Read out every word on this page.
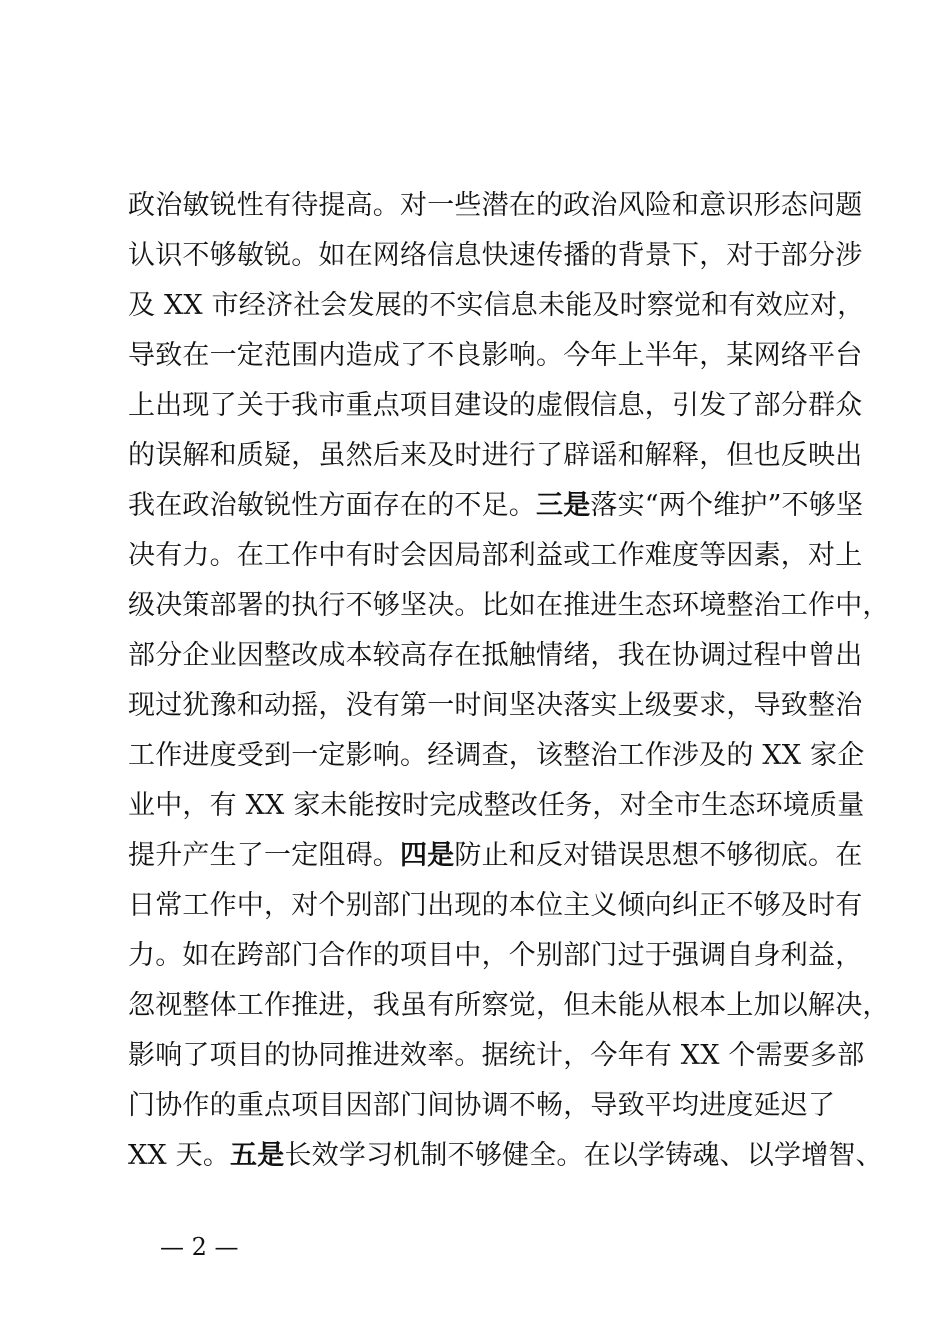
政治敏锐性有待提高。对一些潜在的政治风险和意识形态问题
认识不够敏锐。如在网络信息快速传播的背景下，对于部分涉
及 XX 市经济社会发展的不实信息未能及时察觉和有效应对，
导致在一定范围内造成了不良影响。今年上半年，某网络平台
上出现了关于我市重点项目建设的虚假信息，引发了部分群众
的误解和质疑，虽然后来及时进行了辟谣和解释，但也反映出
我在政治敏锐性方面存在的不足。三是落实“两个维护”不够坚
决有力。在工作中有时会因局部利益或工作难度等因素，对上
级决策部署的执行不够坚决。比如在推进生态环境整治工作中，
部分企业因整改成本较高存在抵触情绪，我在协调过程中曾出
现过犹豫和动摇，没有第一时间坚决落实上级要求，导致整治
工作进度受到一定影响。经调查，该整治工作涉及的 XX 家企
业中，有 XX 家未能按时完成整改任务，对全市生态环境质量
提升产生了一定阻碍。四是防止和反对错误思想不够彻底。在
日常工作中，对个别部门出现的本位主义倾向纠正不够及时有
力。如在跨部门合作的项目中，个别部门过于强调自身利益，
忽视整体工作推进，我虽有所察觉，但未能从根本上加以解决，
影响了项目的协同推进效率。据统计，今年有 XX 个需要多部
门协作的重点项目因部门间协调不畅，导致平均进度延迟了
XX 天。五是长效学习机制不够健全。在以学铸魂、以学增智、
— 2 —
